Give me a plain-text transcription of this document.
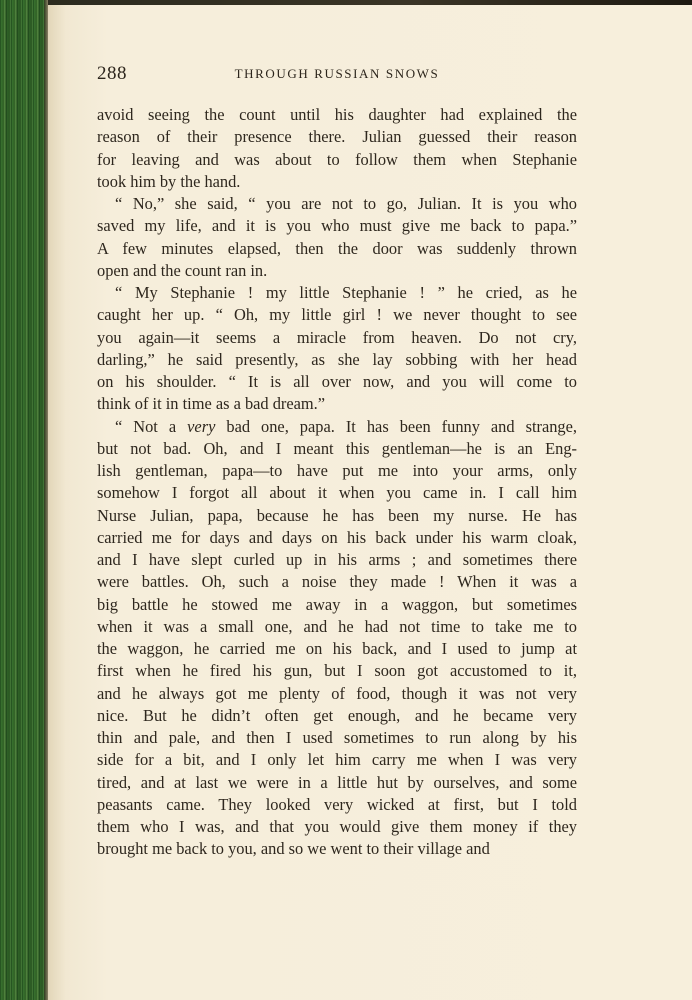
288	THROUGH RUSSIAN SNOWS

avoid seeing the count until his daughter had explained the
reason of their presence there. Julian guessed their reason
for leaving and was about to follow them when Stephanie
took him by the hand.

“ No,” she said, “ you are not to go, Julian. It is you who
saved my life, and it is you who must give me back to papa.”
A few minutes elapsed, then the door was suddenly thrown
open and the count ran in.

“ My Stephanie ! my little Stephanie ! ” he cried, as he
caught her up. “ Oh, my little girl ! we never thought to see
you again—it seems a miracle from heaven. Do not cry,
darling,” he said presently, as she lay sobbing with her head
on his shoulder. “ It is all over now, and you will come to
think of it in time as a bad dream.”

“ Not a very bad one, papa. It has been funny and strange,
but not bad. Oh, and I meant this gentleman—he is an Eng-
lish gentleman, papa—to have put me into your arms, only
somehow I forgot all about it when you came in. I call him
Nurse Julian, papa, because he has been my nurse. He has
carried me for days and days on his back under his warm cloak,
and I have slept curled up in his arms ; and sometimes there
were battles. Oh, such a noise they made ! When it was a
big battle he stowed me away in a waggon, but sometimes
when it was a small one, and he had not time to take me to
the waggon, he carried me on his back, and I used to jump at
first when he fired his gun, but I soon got accustomed to it,
and he always got me plenty of food, though it was not very
nice. But he didn’t often get enough, and he became very
thin and pale, and then I used sometimes to run along by his
side for a bit, and I only let him carry me when I was very
tired, and at last we were in a little hut by ourselves, and some
peasants came. They looked very wicked at first, but I told
them who I was, and that you would give them money if they
brought me back to you, and so we went to their village and
